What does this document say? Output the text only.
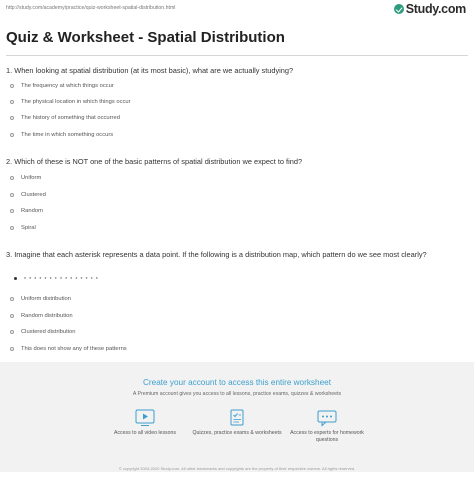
http://study.com/academy/practice/quiz-worksheet-spatial-distribution.html	Study.com
Quiz & Worksheet - Spatial Distribution
1. When looking at spatial distribution (at its most basic), what are we actually studying?
The frequency at which things occur
The physical location in which things occur
The history of something that occurred
The time in which something occurs
2. Which of these is NOT one of the basic patterns of spatial distribution we expect to find?
Uniform
Clustered
Random
Spiral
3. Imagine that each asterisk represents a data point. If the following is a distribution map, which pattern do we see most clearly?
* * * * * * * * * * * * * * *
Uniform distribution
Random distribution
Clustered distribution
This does not show any of these patterns
Create your account to access this entire worksheet
A Premium account gives you access to all lessons, practice exams, quizzes & worksheets
Access to all video lessons	Quizzes, practice exams & worksheets	Access to experts for homework questions
© copyright 2003-2020 Study.com. All other trademarks and copyrights are the property of their respective owners. All rights reserved.
